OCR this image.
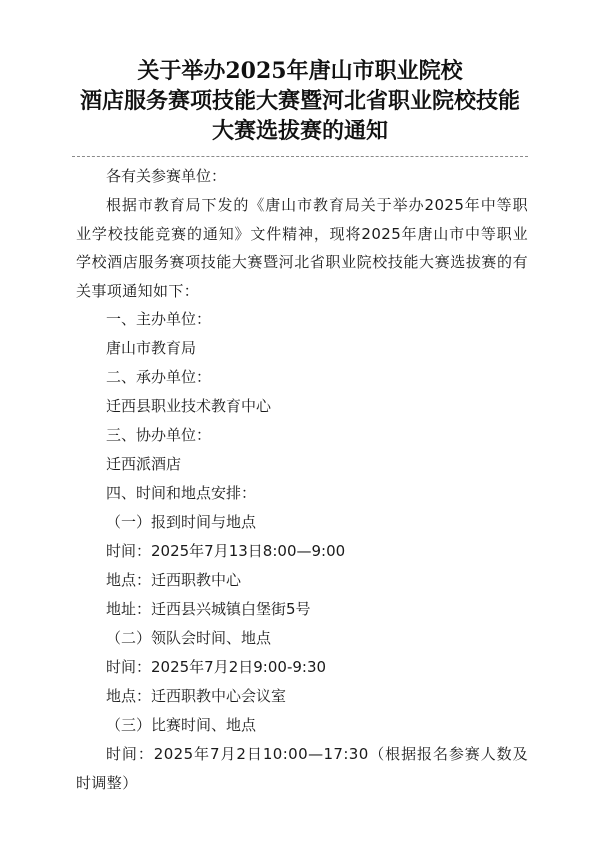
关于举办2025年唐山市职业院校
酒店服务赛项技能大赛暨河北省职业院校技能
大赛选拔赛的通知

各有关参赛单位：

根据市教育局下发的《唐山市教育局关于举办2025年中等职业学校技能竞赛的通知》文件精神，现将2025年唐山市中等职业学校酒店服务赛项技能大赛暨河北省职业院校技能大赛选拔赛的有关事项通知如下：

一、主办单位：

唐山市教育局

二、承办单位：

迁西县职业技术教育中心

三、协办单位：

迁西派酒店

四、时间和地点安排：

（一）报到时间与地点

时间：2025年7月13日8:00—9:00

地点：迁西职教中心

地址：迁西县兴城镇白堡街5号

（二）领队会时间、地点

时间：2025年7月2日9:00-9:30

地点：迁西职教中心会议室

（三）比赛时间、地点

时间：2025年7月2日10:00—17:30（根据报名参赛人数及时调整）
